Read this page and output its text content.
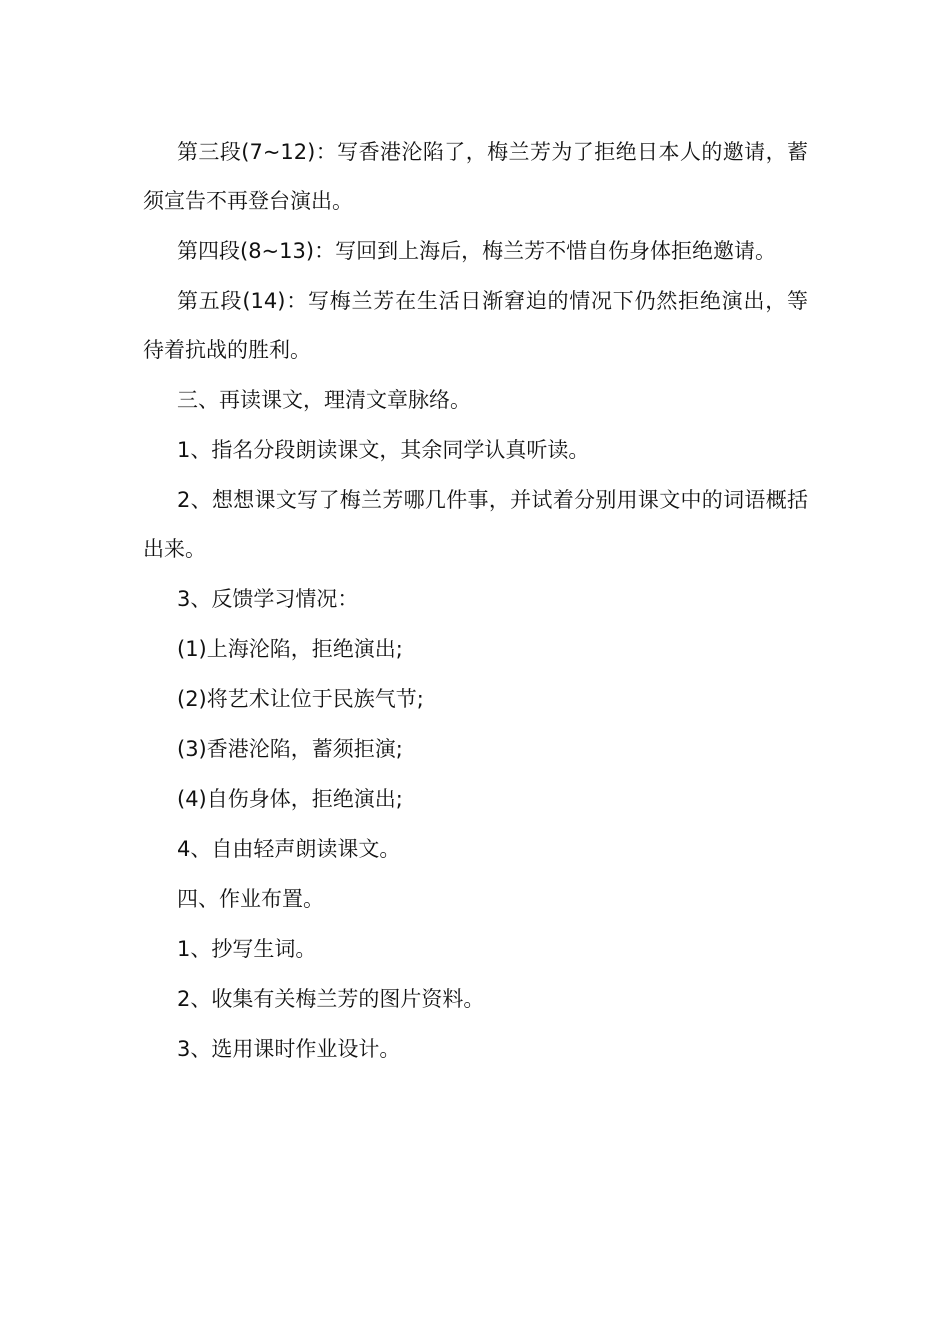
第三段(7~12)：写香港沦陷了，梅兰芳为了拒绝日本人的邀请，蓄须宣告不再登台演出。

第四段(8~13)：写回到上海后，梅兰芳不惜自伤身体拒绝邀请。

第五段(14)：写梅兰芳在生活日渐窘迫的情况下仍然拒绝演出，等待着抗战的胜利。

三、再读课文，理清文章脉络。

1、指名分段朗读课文，其余同学认真听读。

2、想想课文写了梅兰芳哪几件事，并试着分别用课文中的词语概括出来。

3、反馈学习情况：

(1)上海沦陷，拒绝演出;

(2)将艺术让位于民族气节;

(3)香港沦陷，蓄须拒演;

(4)自伤身体，拒绝演出;

4、自由轻声朗读课文。

四、作业布置。

1、抄写生词。

2、收集有关梅兰芳的图片资料。

3、选用课时作业设计。
